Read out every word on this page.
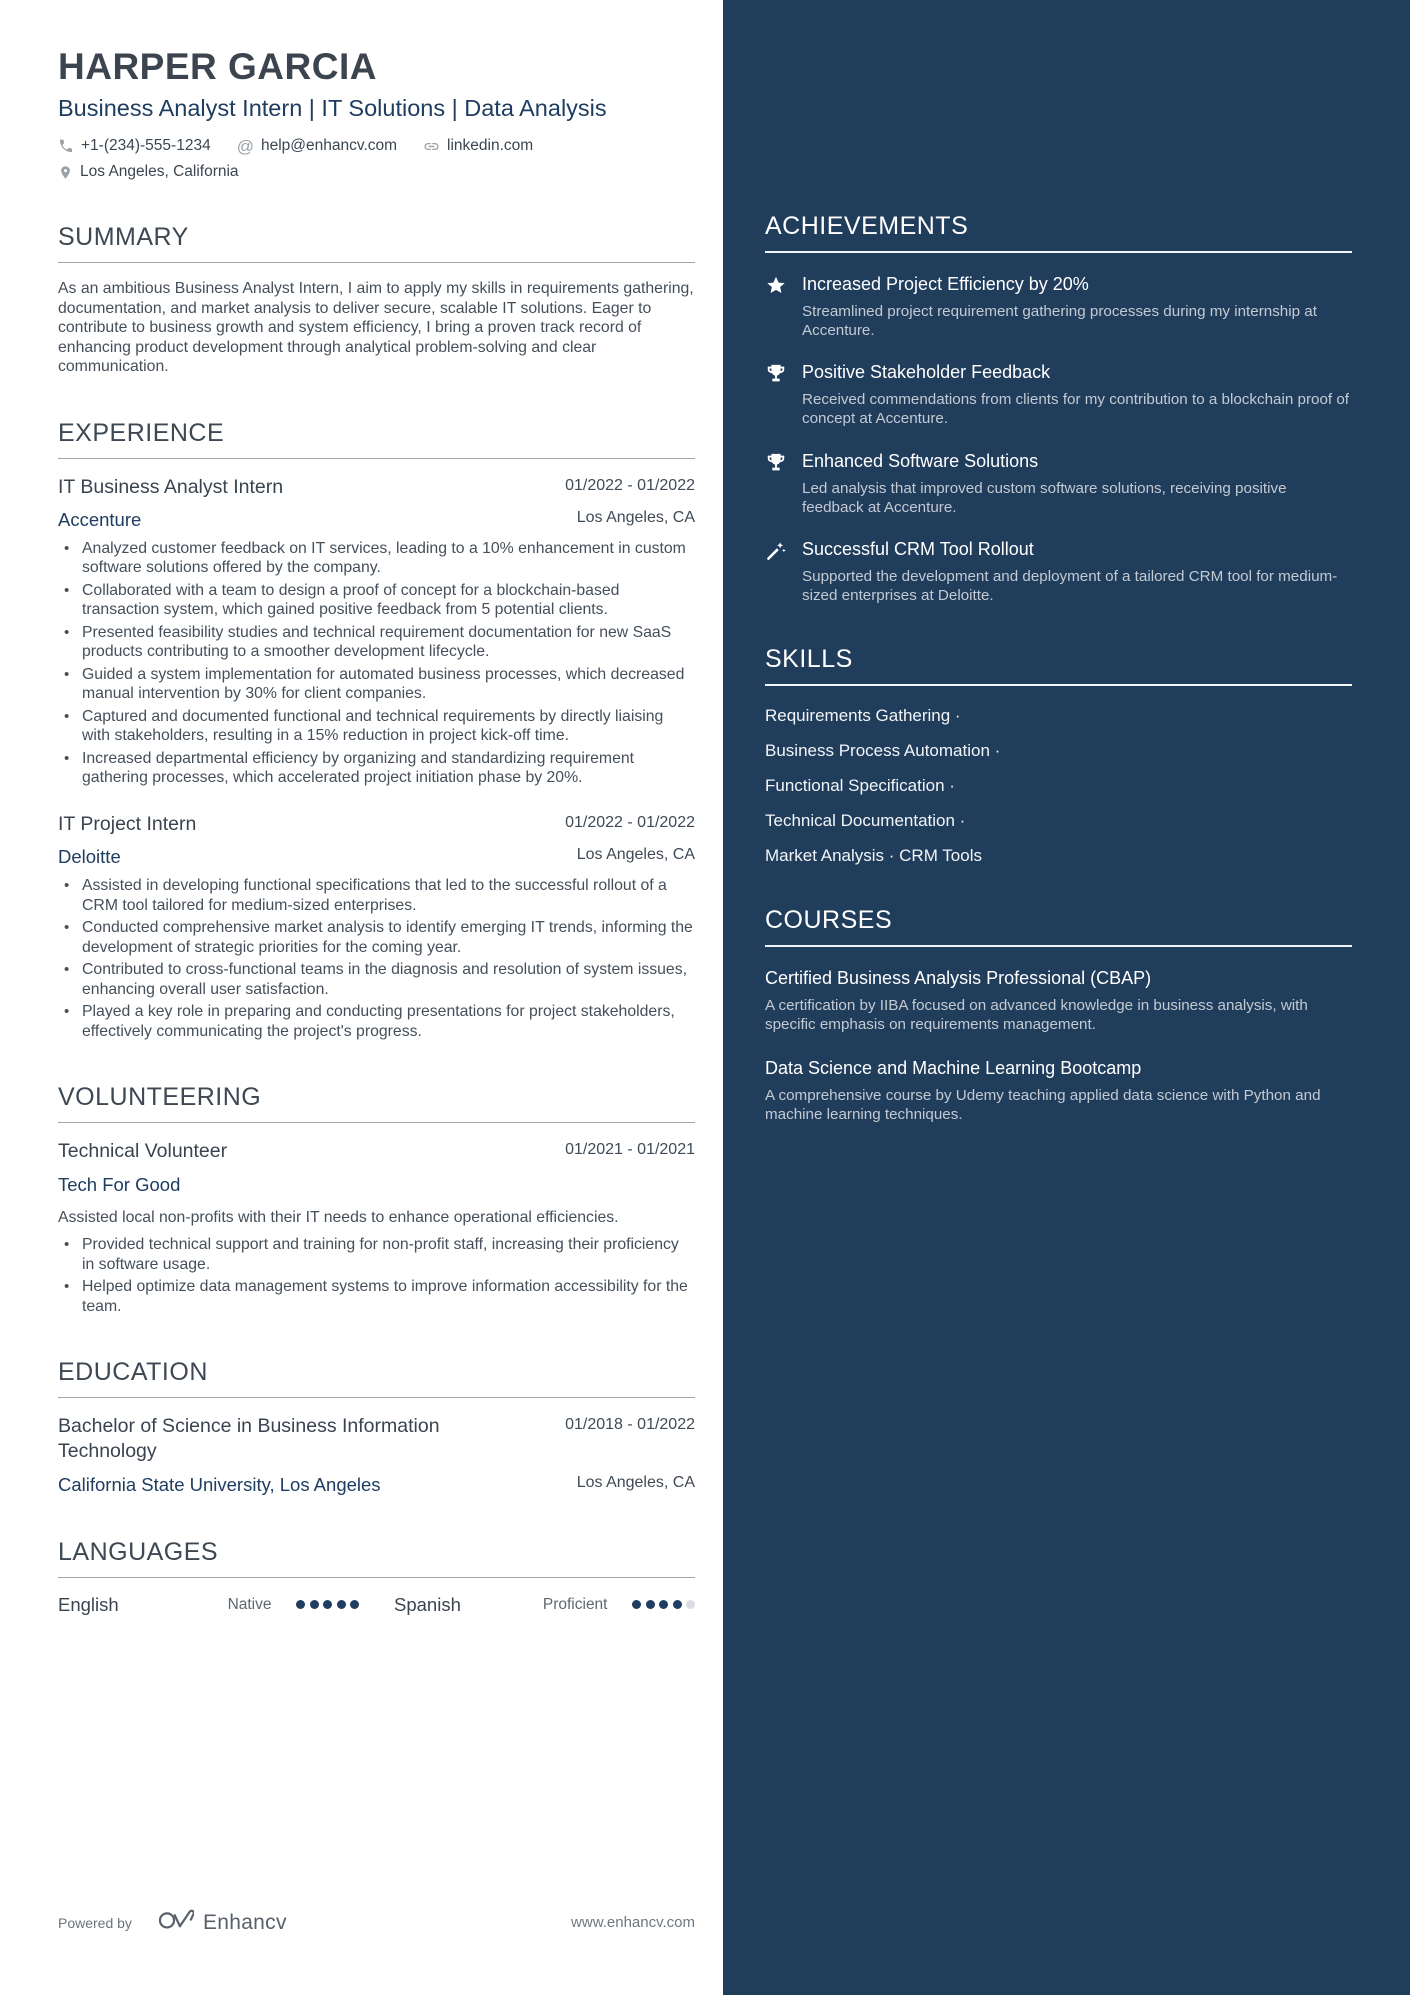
HARPER GARCIA
Business Analyst Intern | IT Solutions | Data Analysis
+1-(234)-555-1234 @ help@enhancv.com	linkedin.com
Los Angeles, California
SUMMARY
As an ambitious Business Analyst Intern, I aim to apply my skills in requirements gathering, documentation, and market analysis to deliver secure, scalable IT solutions. Eager to contribute to business growth and system efficiency, I bring a proven track record of enhancing product development through analytical problem-solving and clear communication.
EXPERIENCE
IT Business Analyst Intern	01/2022 - 01/2022
Accenture	Los Angeles, CA
• Analyzed customer feedback on IT services, leading to a 10% enhancement in custom software solutions offered by the company.
• Collaborated with a team to design a proof of concept for a blockchain-based transaction system, which gained positive feedback from 5 potential clients.
• Presented feasibility studies and technical requirement documentation for new SaaS products contributing to a smoother development lifecycle.
• Guided a system implementation for automated business processes, which decreased manual intervention by 30% for client companies.
• Captured and documented functional and technical requirements by directly liaising with stakeholders, resulting in a 15% reduction in project kick-off time.
• Increased departmental efficiency by organizing and standardizing requirement gathering processes, which accelerated project initiation phase by 20%.
IT Project Intern	01/2022 - 01/2022
Deloitte	Los Angeles, CA
• Assisted in developing functional specifications that led to the successful rollout of a CRM tool tailored for medium-sized enterprises.
• Conducted comprehensive market analysis to identify emerging IT trends, informing the development of strategic priorities for the coming year.
• Contributed to cross-functional teams in the diagnosis and resolution of system issues, enhancing overall user satisfaction.
• Played a key role in preparing and conducting presentations for project stakeholders, effectively communicating the project's progress.
VOLUNTEERING
Technical Volunteer	01/2021 - 01/2021
Tech For Good
Assisted local non-profits with their IT needs to enhance operational efficiencies.
• Provided technical support and training for non-profit staff, increasing their proficiency in software usage.
• Helped optimize data management systems to improve information accessibility for the team.
EDUCATION
Bachelor of Science in Business Information Technology
01/2018 - 01/2022
California State University, Los Angeles	Los Angeles, CA
LANGUAGES
English	Native	Spanish	Proficient
ACHIEVEMENTS
Increased Project Efficiency by 20%
Streamlined project requirement gathering processes during my internship at Accenture.
Positive Stakeholder Feedback
Received commendations from clients for my contribution to a blockchain proof of concept at Accenture.
Enhanced Software Solutions
Led analysis that improved custom software solutions, receiving positive feedback at Accenture.
Successful CRM Tool Rollout
Supported the development and deployment of a tailored CRM tool for medium-sized enterprises at Deloitte.
SKILLS
Requirements Gathering ·
Business Process Automation ·
Functional Specification ·
Technical Documentation ·
Market Analysis · CRM Tools
COURSES
Certified Business Analysis Professional (CBAP)
A certification by IIBA focused on advanced knowledge in business analysis, with specific emphasis on requirements management.
Data Science and Machine Learning Bootcamp
A comprehensive course by Udemy teaching applied data science with Python and machine learning techniques.
Powered by	Enhancv	www.enhancv.com
